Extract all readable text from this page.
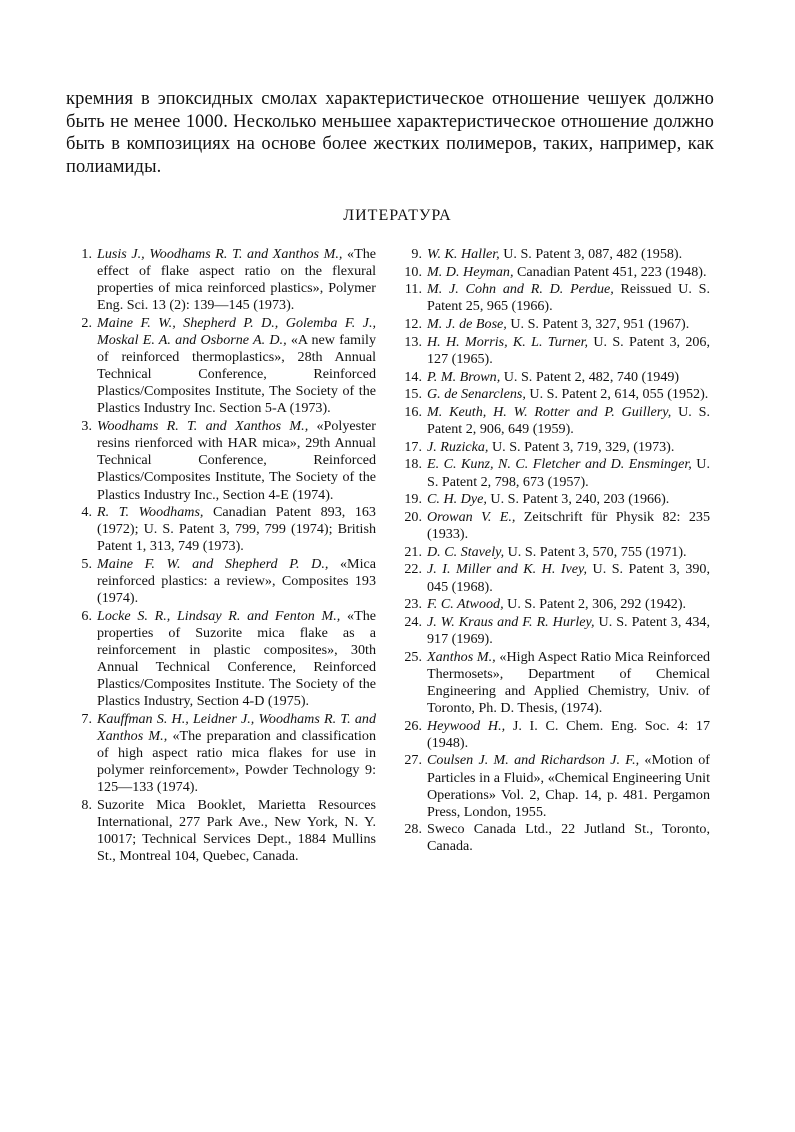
кремния в эпоксидных смолах характеристическое отношение чешуек должно быть не менее 1000. Несколько меньшее характеристическое отношение должно быть в композициях на основе более жестких полимеров, таких, например, как полиамиды.

ЛИТЕРАТУРА
1. Lusis J., Woodhams R. T. and Xanthos M., «The effect of flake aspect ratio on the flexural properties of mica reinforced plastics», Polymer Eng. Sci. 13 (2): 139—145 (1973).
2. Maine F. W., Shepherd P. D., Golemba F. J., Moskal E. A. and Osborne A. D., «A new family of reinforced thermoplastics», 28th Annual Technical Conference, Reinforced Plastics/Composites Institute, The Society of the Plastics Industry Inc. Section 5-A (1973).
3. Woodhams R. T. and Xanthos M., «Polyester resins rienforced with HAR mica», 29th Annual Technical Conference, Reinforced Plastics/Composites Institute, The Society of the Plastics Industry Inc., Section 4-E (1974).
4. R. T. Woodhams, Canadian Patent 893, 163 (1972); U. S. Patent 3, 799, 799 (1974); British Patent 1, 313, 749 (1973).
5. Maine F. W. and Shepherd P. D., «Mica reinforced plastics: a review», Composites 193 (1974).
6. Locke S. R., Lindsay R. and Fenton M., «The properties of Suzorite mica flake as a reinforcement in plastic composites», 30th Annual Technical Conference, Reinforced Plastics/Composites Institute. The Society of the Plastics Industry, Section 4-D (1975).
7. Kauffman S. H., Leidner J., Woodhams R. T. and Xanthos M., «The preparation and classification of high aspect ratio mica flakes for use in polymer reinforcement», Powder Technology 9: 125—133 (1974).
8. Suzorite Mica Booklet, Marietta Resources International, 277 Park Ave., New York, N. Y. 10017; Technical Services Dept., 1884 Mullins St., Montreal 104, Quebec, Canada.
9. W. K. Haller, U. S. Patent 3, 087, 482 (1958).
10. M. D. Heyman, Canadian Patent 451, 223 (1948).
11. M. J. Cohn and R. D. Perdue, Reissued U. S. Patent 25, 965 (1966).
12. M. J. de Bose, U. S. Patent 3, 327, 951 (1967).
13. H. H. Morris, K. L. Turner, U. S. Patent 3, 206, 127 (1965).
14. P. M. Brown, U. S. Patent 2, 482, 740 (1949)
15. G. de Senarclens, U. S. Patent 2, 614, 055 (1952).
16. M. Keuth, H. W. Rotter and P. Guillery, U. S. Patent 2, 906, 649 (1959).
17. J. Ruzicka, U. S. Patent 3, 719, 329, (1973).
18. E. C. Kunz, N. C. Fletcher and D. Ensminger, U. S. Patent 2, 798, 673 (1957).
19. C. H. Dye, U. S. Patent 3, 240, 203 (1966).
20. Orowan V. E., Zeitschrift für Physik 82: 235 (1933).
21. D. C. Stavely, U. S. Patent 3, 570, 755 (1971).
22. J. I. Miller and K. H. Ivey, U. S. Patent 3, 390, 045 (1968).
23. F. C. Atwood, U. S. Patent 2, 306, 292 (1942).
24. J. W. Kraus and F. R. Hurley, U. S. Patent 3, 434, 917 (1969).
25. Xanthos M., «High Aspect Ratio Mica Reinforced Thermosets», Department of Chemical Engineering and Applied Chemistry, Univ. of Toronto, Ph. D. Thesis, (1974).
26. Heywood H., J. I. C. Chem. Eng. Soc. 4: 17 (1948).
27. Coulsen J. M. and Richardson J. F., «Motion of Particles in a Fluid», «Chemical Engineering Unit Operations» Vol. 2, Chap. 14, p. 481. Pergamon Press, London, 1955.
28. Sweco Canada Ltd., 22 Jutland St., Toronto, Canada.
